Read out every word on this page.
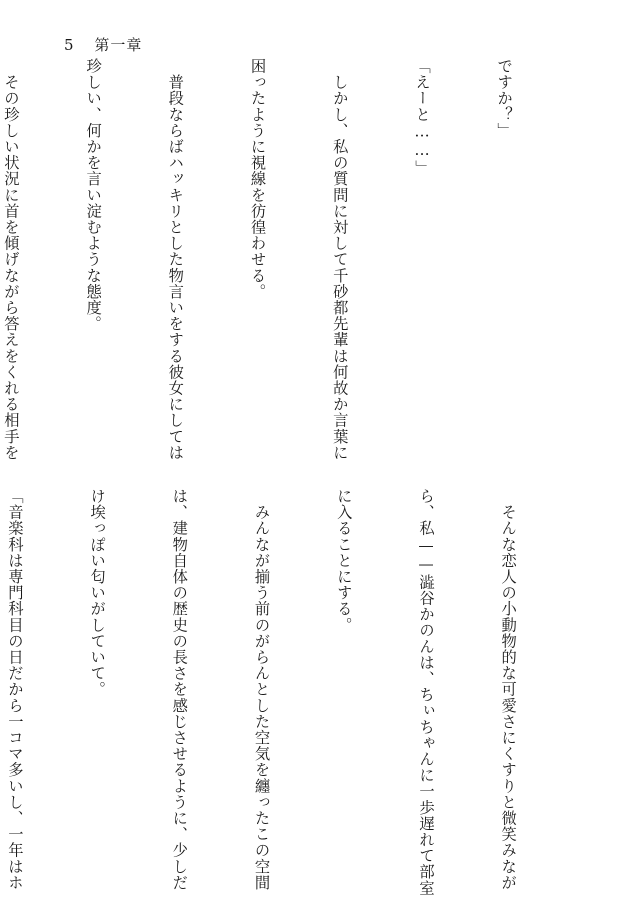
5 第一章

ですか？」

「えーと……」

　しかし、私の質問に対して千砂都先輩は何故か言葉に

困ったように視線を彷徨わせる。

　普段ならばハッキリとした物言いをする彼女にしては

珍しい、何かを言い淀むような態度。

　その珍しい状況に首を傾げながら答えをくれる相手を

　そんな恋人の小動物的な可愛さにくすりと微笑みなが

ら、私——澁谷かのんは、ちぃちゃんに一歩遅れて部室

に入ることにする。

　みんなが揃う前のがらんとした空気を纏ったこの空間

は、建物自体の歴史の長さを感じさせるように、少しだ

け埃っぽい匂いがしていて。

「音楽科は専門科目の日だから一コマ多いし、一年はホ
